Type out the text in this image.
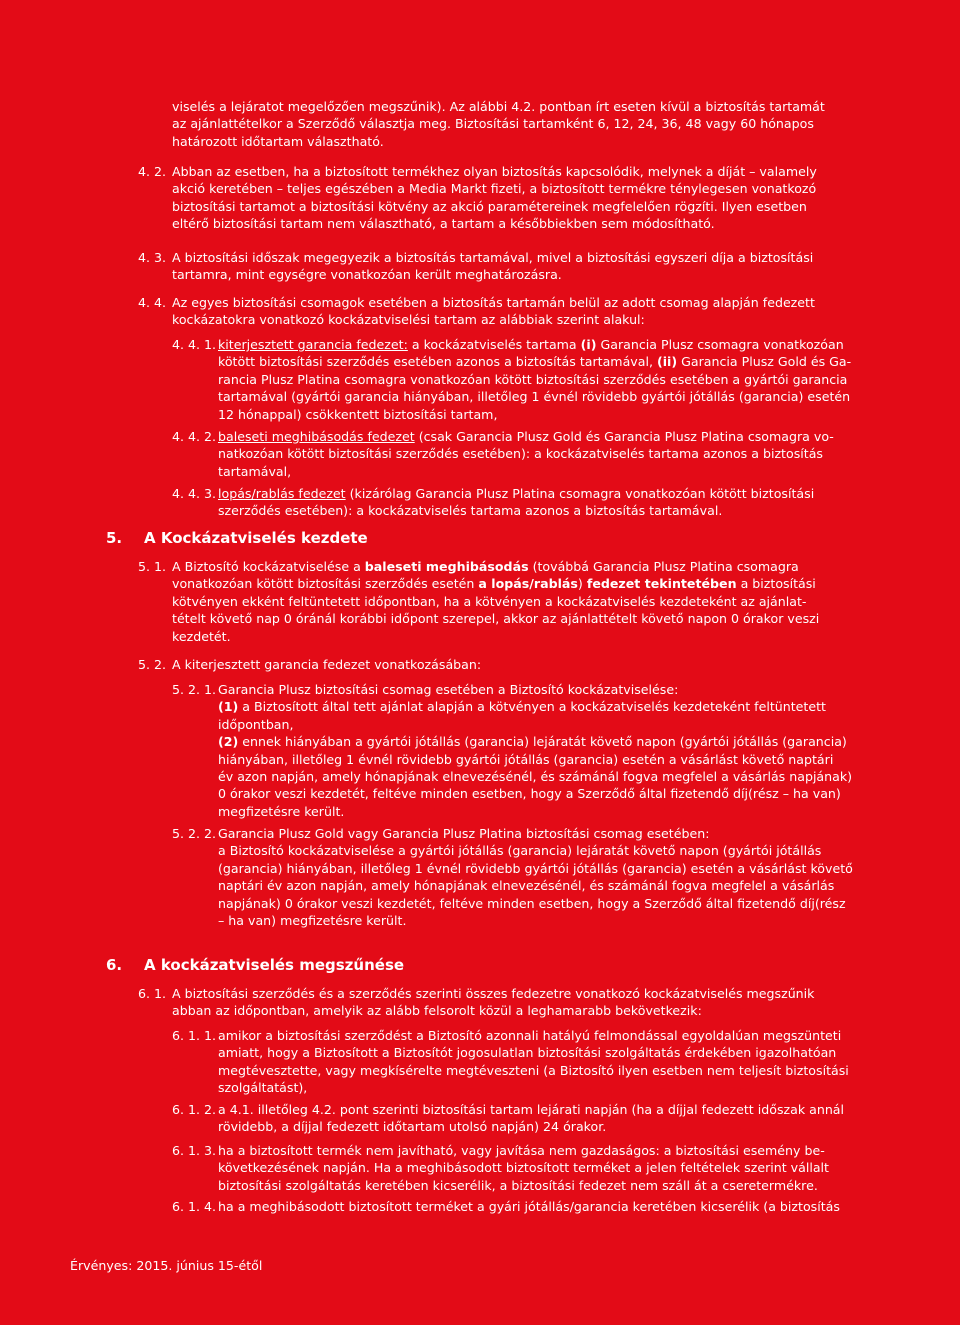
viselés a lejáratot megelőzően megszűnik). Az alábbi 4.2. pontban írt eseten kívül a biztosítás tartamát

az ajánlattételkor a Szerződő választja meg. Biztosítási tartamként 6, 12, 24, 36, 48 vagy 60 hónapos

határozott időtartam választható.

4. 2. Abban az esetben, ha a biztosított termékhez olyan biztosítás kapcsolódik, melynek a díját – valamely

akció keretében – teljes egészében a Media Markt fizeti, a biztosított termékre ténylegesen vonatkozó

biztosítási tartamot a biztosítási kötvény az akció paramétereinek megfelelően rögzíti. Ilyen esetben

eltérő biztosítási tartam nem választható, a tartam a későbbiekben sem módosítható.

4. 3. A biztosítási időszak megegyezik a biztosítás tartamával, mivel a biztosítási egyszeri díja a biztosítási

tartamra, mint egységre vonatkozóan került meghatározásra.

4. 4. Az egyes biztosítási csomagok esetében a biztosítás tartamán belül az adott csomag alapján fedezett

kockázatokra vonatkozó kockázatviselési tartam az alábbiak szerint alakul:

4. 4. 1. kiterjesztett garancia fedezet: a kockázatviselés tartama (i) Garancia Plusz csomagra vonatkozóan

kötött biztosítási szerződés esetében azonos a biztosítás tartamával, (ii) Garancia Plusz Gold és Ga-

rancia Plusz Platina csomagra vonatkozóan kötött biztosítási szerződés esetében a gyártói garancia

tartamával (gyártói garancia hiányában, illetőleg 1 évnél rövidebb gyártói jótállás (garancia) esetén

12 hónappal) csökkentett biztosítási tartam,

4. 4. 2. baleseti meghibásodás fedezet (csak Garancia Plusz Gold és Garancia Plusz Platina csomagra vo-

natkozóan kötött biztosítási szerződés esetében): a kockázatviselés tartama azonos a biztosítás

tartamával,

4. 4. 3. lopás/rablás fedezet (kizárólag Garancia Plusz Platina csomagra vonatkozóan kötött biztosítási

szerződés esetében): a kockázatviselés tartama azonos a biztosítás tartamával.

5.	A Kockázatviselés kezdete
5. 1. A Biztosító kockázatviselése a baleseti meghibásodás (továbbá Garancia Plusz Platina csomagra

vonatkozóan kötött biztosítási szerződés esetén a lopás/rablás) fedezet tekintetében a biztosítási

kötvényen ekként feltüntetett időpontban, ha a kötvényen a kockázatviselés kezdeteként az ajánlat-

tételt követő nap 0 óránál korábbi időpont szerepel, akkor az ajánlattételt követő napon 0 órakor veszi

kezdetét.

5. 2. A kiterjesztett garancia fedezet vonatkozásában:

5. 2. 1. Garancia Plusz biztosítási csomag esetében a Biztosító kockázatviselése:

(1) a Biztosított által tett ajánlat alapján a kötvényen a kockázatviselés kezdeteként feltüntetett

időpontban,

(2) ennek hiányában a gyártói jótállás (garancia) lejáratát követő napon (gyártói jótállás (garancia)

hiányában, illetőleg 1 évnél rövidebb gyártói jótállás (garancia) esetén a vásárlást követő naptári

év azon napján, amely hónapjának elnevezésénél, és számánál fogva megfelel a vásárlás napjának)

0 órakor veszi kezdetét, feltéve minden esetben, hogy a Szerződő által fizetendő díj(rész – ha van)

megfizetésre került.

5. 2. 2. Garancia Plusz Gold vagy Garancia Plusz Platina biztosítási csomag esetében:

a Biztosító kockázatviselése a gyártói jótállás (garancia) lejáratát követő napon (gyártói jótállás

(garancia) hiányában, illetőleg 1 évnél rövidebb gyártói jótállás (garancia) esetén a vásárlást követő

naptári év azon napján, amely hónapjának elnevezésénél, és számánál fogva megfelel a vásárlás

napjának) 0 órakor veszi kezdetét, feltéve minden esetben, hogy a Szerződő által fizetendő díj(rész

– ha van) megfizetésre került.

6.	A kockázatviselés megszűnése
6. 1. A biztosítási szerződés és a szerződés szerinti összes fedezetre vonatkozó kockázatviselés megszűnik

abban az időpontban, amelyik az alább felsorolt közül a leghamarabb bekövetkezik:

6. 1. 1. amikor a biztosítási szerződést a Biztosító azonnali hatályú felmondással egyoldalúan megszünteti

amiatt, hogy a Biztosított a Biztosítót jogosulatlan biztosítási szolgáltatás érdekében igazolhatóan

megtévesztette, vagy megkísérelte megtéveszteni (a Biztosító ilyen esetben nem teljesít biztosítási

szolgáltatást),

6. 1. 2. a 4.1. illetőleg 4.2. pont szerinti biztosítási tartam lejárati napján (ha a díjjal fedezett időszak annál

rövidebb, a díjjal fedezett időtartam utolsó napján) 24 órakor.

6. 1. 3. ha a biztosított termék nem javítható, vagy javítása nem gazdaságos: a biztosítási esemény be-

következésének napján. Ha a meghibásodott biztosított terméket a jelen feltételek szerint vállalt

biztosítási szolgáltatás keretében kicserélik, a biztosítási fedezet nem száll át a cseretermékre.

6. 1. 4. ha a meghibásodott biztosított terméket a gyári jótállás/garancia keretében kicserélik (a biztosítás

Érvényes: 2015. június 15-étől
